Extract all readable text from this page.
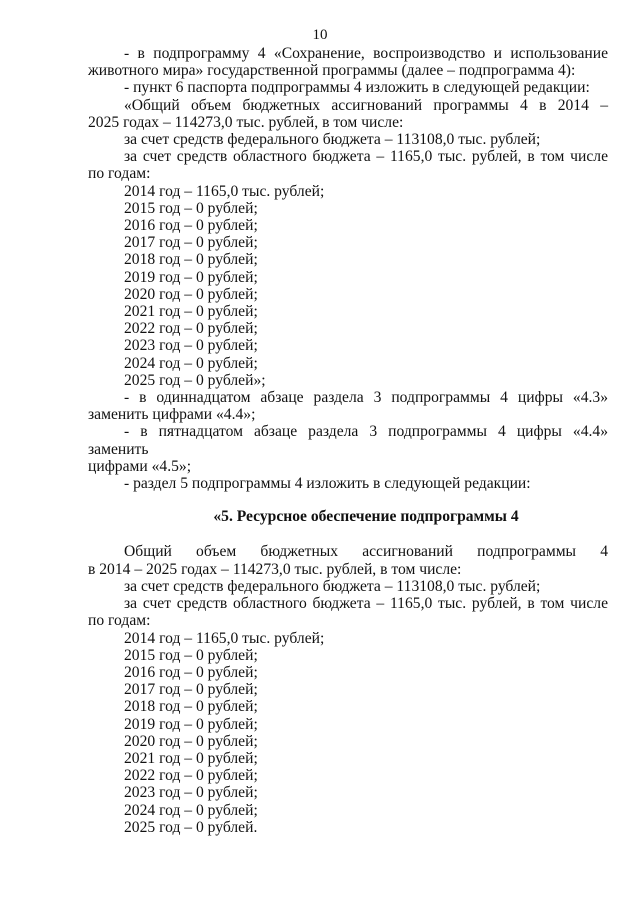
10

- в подпрограмму 4 «Сохранение, воспроизводство и использование

животного мира» государственной программы (далее – подпрограмма 4):

- пункт 6 паспорта подпрограммы 4 изложить в следующей редакции:

«Общий объем бюджетных ассигнований программы 4 в 2014 –

2025 годах – 114273,0 тыс. рублей, в том числе:

за счет средств федерального бюджета – 113108,0 тыс. рублей;

за счет средств областного бюджета – 1165,0 тыс. рублей, в том числе

по годам:

2014 год – 1165,0 тыс. рублей;
2015 год – 0 рублей;
2016 год – 0 рублей;
2017 год – 0 рублей;
2018 год – 0 рублей;
2019 год – 0 рублей;
2020 год – 0 рублей;
2021 год – 0 рублей;
2022 год – 0 рублей;
2023 год – 0 рублей;
2024 год – 0 рублей;
2025 год – 0 рублей»;

- в одиннадцатом абзаце раздела 3 подпрограммы 4 цифры «4.3»

заменить цифрами «4.4»;

- в пятнадцатом абзаце раздела 3 подпрограммы 4 цифры «4.4» заменить

цифрами «4.5»;

- раздел 5 подпрограммы 4 изложить в следующей редакции:

«5. Ресурсное обеспечение подпрограммы 4

Общий объем бюджетных ассигнований подпрограммы 4

в 2014 – 2025 годах – 114273,0 тыс. рублей, в том числе:

за счет средств федерального бюджета – 113108,0 тыс. рублей;

за счет средств областного бюджета – 1165,0 тыс. рублей, в том числе

по годам:

2014 год – 1165,0 тыс. рублей;
2015 год – 0 рублей;
2016 год – 0 рублей;
2017 год – 0 рублей;
2018 год – 0 рублей;
2019 год – 0 рублей;
2020 год – 0 рублей;
2021 год – 0 рублей;
2022 год – 0 рублей;
2023 год – 0 рублей;
2024 год – 0 рублей;
2025 год – 0 рублей.
